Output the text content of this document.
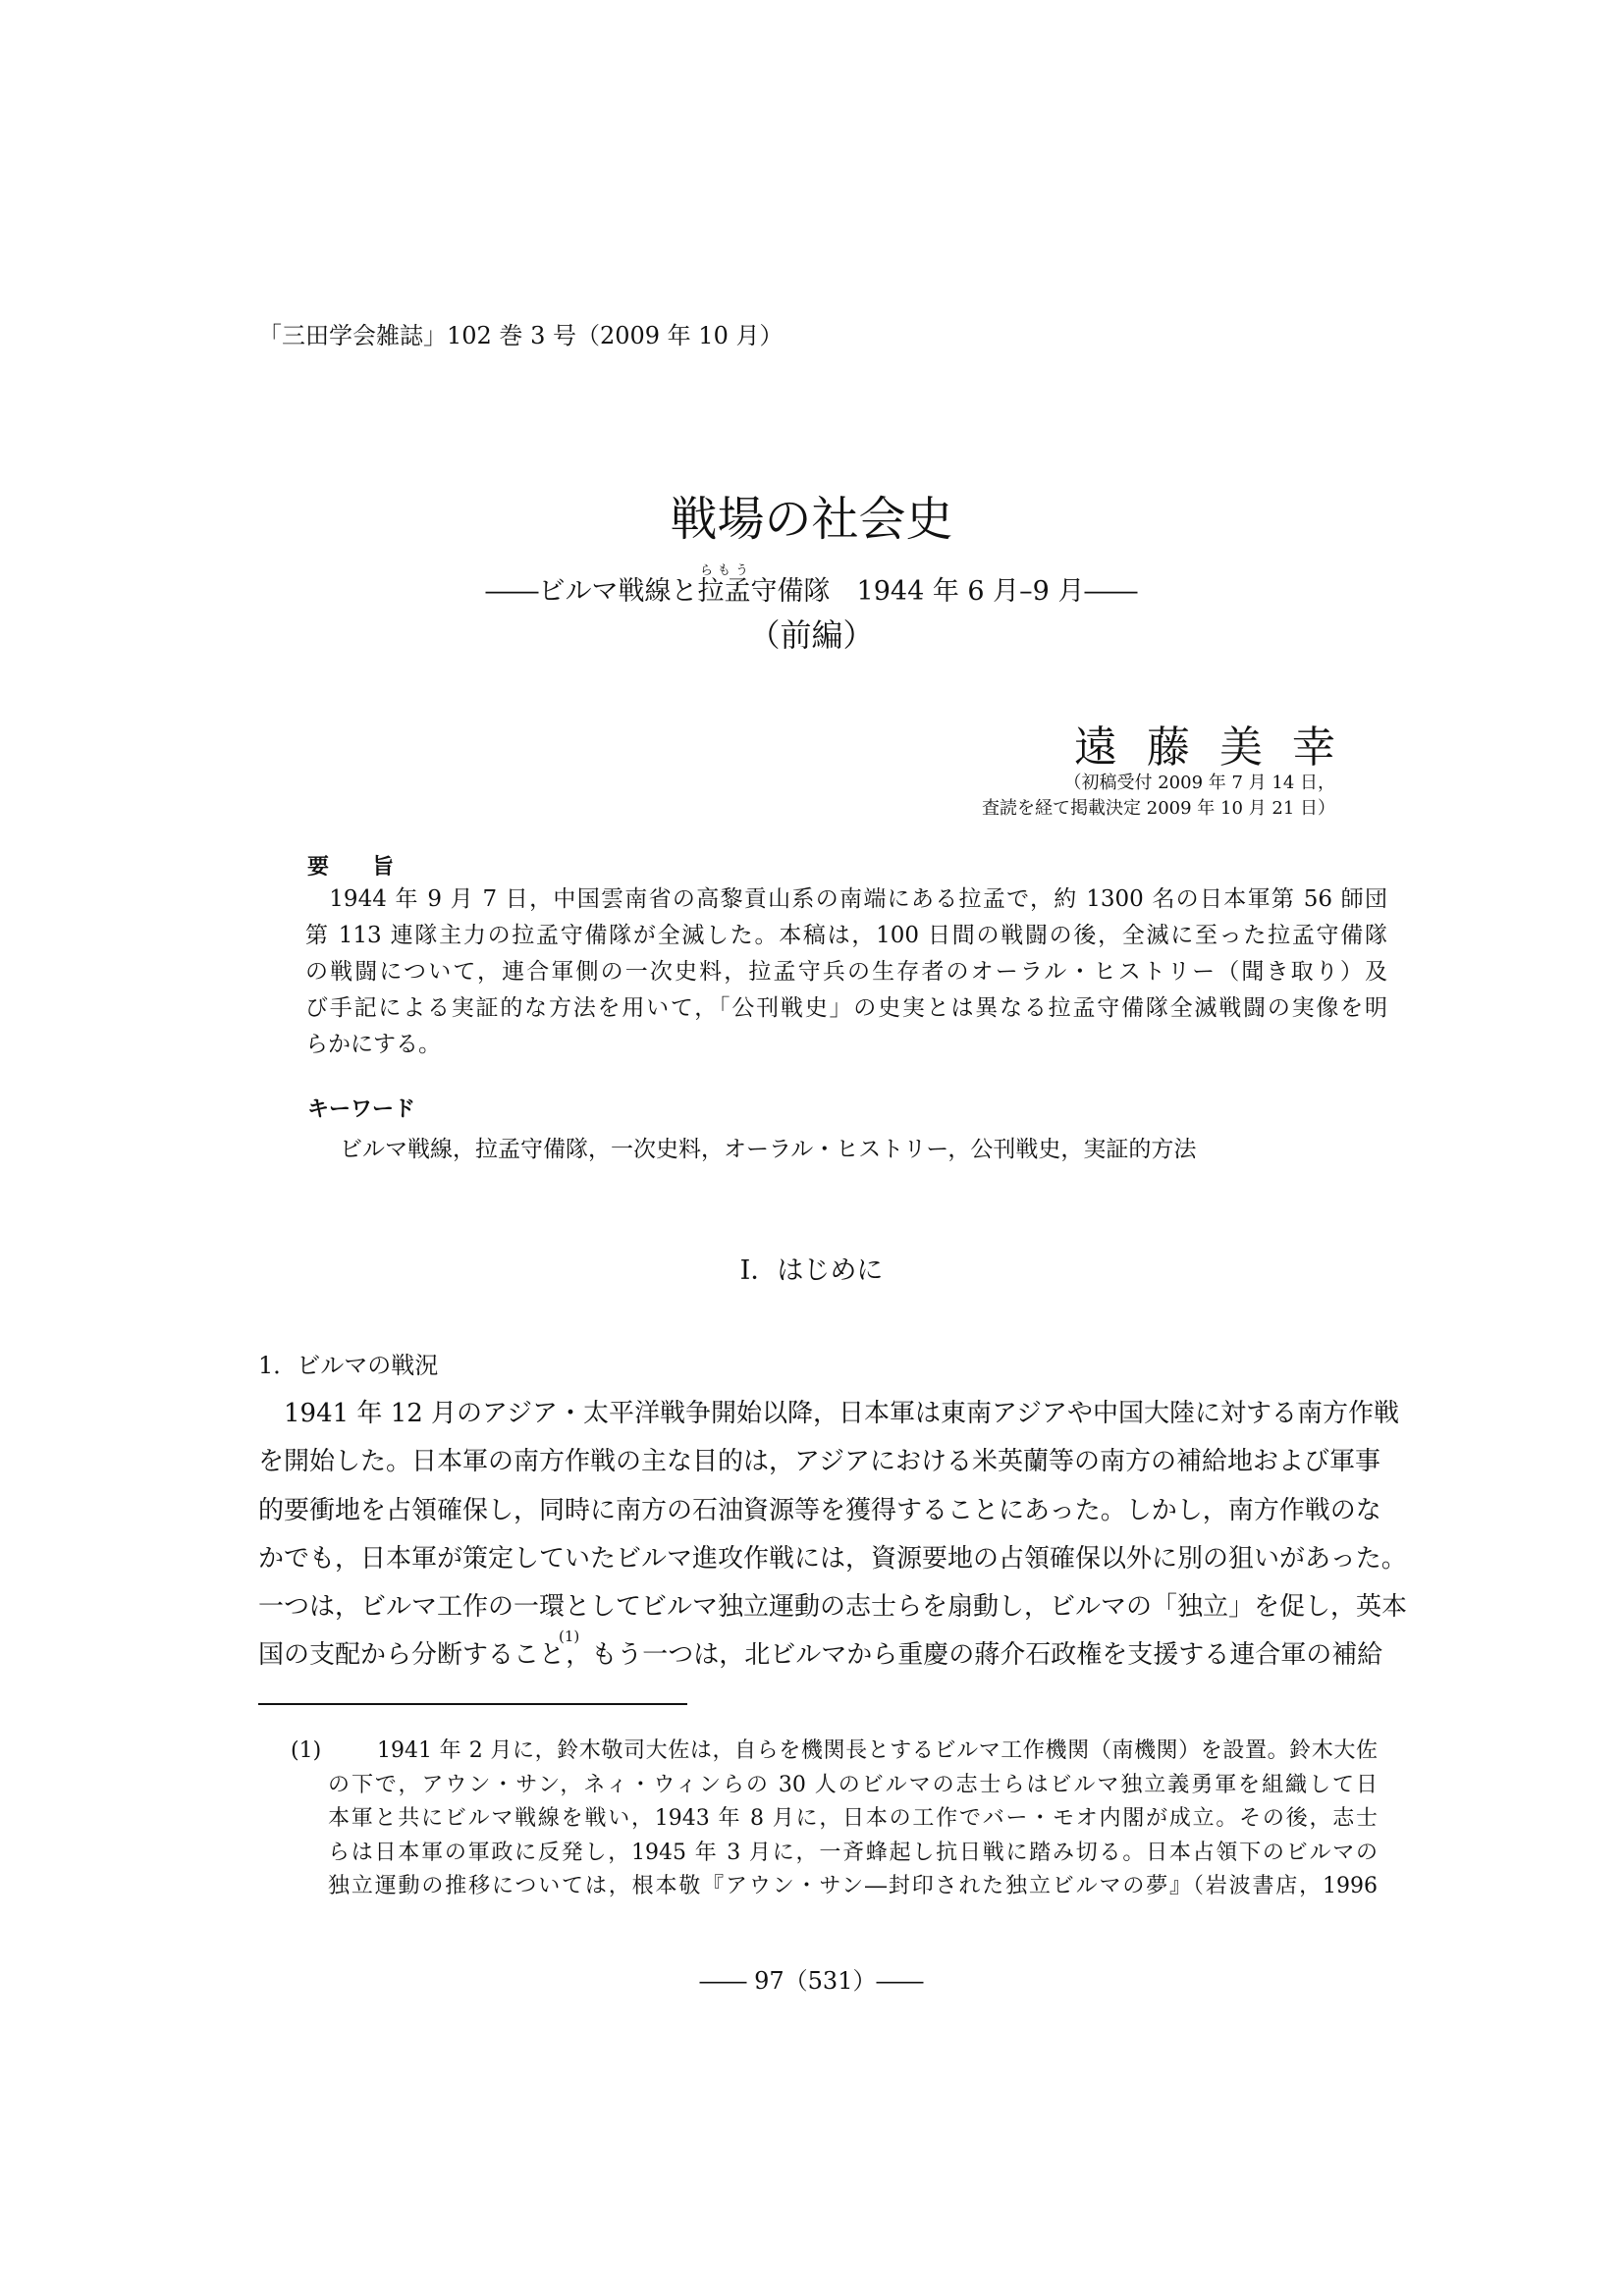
「三田学会雑誌」102 巻 3 号（2009 年 10 月）
戦場の社会史
――ビルマ戦線と拉孟らもう守備隊　1944 年 6 月–9 月――
（前編）
遠藤美幸
（初稿受付 2009 年 7 月 14 日，
査読を経て掲載決定 2009 年 10 月 21 日）
要旨
　1944 年 9 月 7 日，中国雲南省の高黎貢山系の南端にある拉孟で，約 1300 名の日本軍第 56 師団
第 113 連隊主力の拉孟守備隊が全滅した。本稿は，100 日間の戦闘の後，全滅に至った拉孟守備隊
の戦闘について，連合軍側の一次史料，拉孟守兵の生存者のオーラル・ヒストリー（聞き取り）及
び手記による実証的な方法を用いて，「公刊戦史」の史実とは異なる拉孟守備隊全滅戦闘の実像を明
らかにする。
キーワード
ビルマ戦線，拉孟守備隊，一次史料，オーラル・ヒストリー，公刊戦史，実証的方法
I．はじめに
1．ビルマの戦況
　1941 年 12 月のアジア・太平洋戦争開始以降，日本軍は東南アジアや中国大陸に対する南方作戦
を開始した。日本軍の南方作戦の主な目的は，アジアにおける米英蘭等の南方の補給地および軍事
的要衝地を占領確保し，同時に南方の石油資源等を獲得することにあった。しかし，南方作戦のな
かでも，日本軍が策定していたビルマ進攻作戦には，資源要地の占領確保以外に別の狙いがあった。
一つは，ビルマ工作の一環としてビルマ独立運動の志士らを扇動し，ビルマの「独立」を促し，英本
国の支配から分断すること$^{(1)}$，もう一つは，北ビルマから重慶の蔣介石政権を支援する連合軍の補給
(1)	1941 年 2 月に，鈴木敬司大佐は，自らを機関長とするビルマ工作機関（南機関）を設置。鈴木大佐
の下で，アウン・サン，ネィ・ウィンらの 30 人のビルマの志士らはビルマ独立義勇軍を組織して日
本軍と共にビルマ戦線を戦い，1943 年 8 月に，日本の工作でバー・モオ内閣が成立。その後，志士
らは日本軍の軍政に反発し，1945 年 3 月に，一斉蜂起し抗日戦に踏み切る。日本占領下のビルマの
独立運動の推移については，根本敬『アウン・サン―封印された独立ビルマの夢』（岩波書店，1996
―― 97（531）――
